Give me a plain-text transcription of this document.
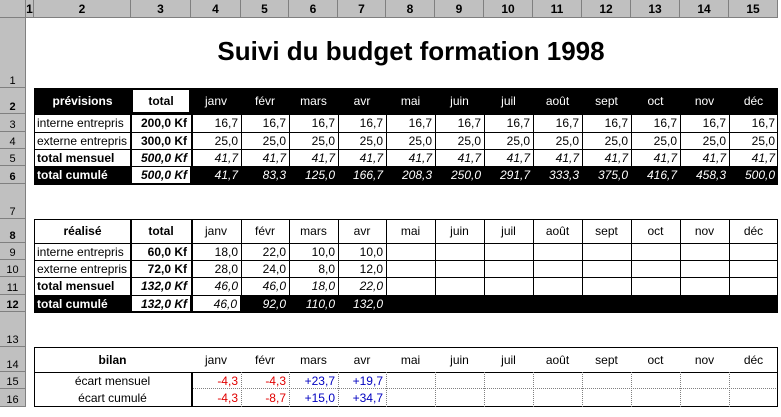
1	2	3	4	5	6	7	8	9	10	11	12	13	14	15
1
2
3
4
5
6
7
8
9
10
11
12
13
14
15
16
Suivi du budget formation 1998
prévisions	total	janv	févr	mars	avr	mai	juin	juil	août	sept	oct	nov	déc
interne entrepris	200,0 Kf	16,7	16,7	16,7	16,7	16,7	16,7	16,7	16,7	16,7	16,7	16,7	16,7
externe entrepris	300,0 Kf	25,0	25,0	25,0	25,0	25,0	25,0	25,0	25,0	25,0	25,0	25,0	25,0
total mensuel	500,0 Kf	41,7	41,7	41,7	41,7	41,7	41,7	41,7	41,7	41,7	41,7	41,7	41,7
total cumulé	500,0 Kf	41,7	83,3	125,0	166,7	208,3	250,0	291,7	333,3	375,0	416,7	458,3	500,0
réalisé	total	janv	févr	mars	avr	mai	juin	juil	août	sept	oct	nov	déc
interne entrepris	60,0 Kf	18,0	22,0	10,0	10,0
externe entrepris	72,0 Kf	28,0	24,0	8,0	12,0
total mensuel	132,0 Kf	46,0	46,0	18,0	22,0
total cumulé	132,0 Kf	46,0	92,0	110,0	132,0
bilan	janv	févr	mars	avr	mai	juin	juil	août	sept	oct	nov	déc
écart mensuel	-4,3	-4,3	+23,7	+19,7
écart cumulé	-4,3	-8,7	+15,0	+34,7
